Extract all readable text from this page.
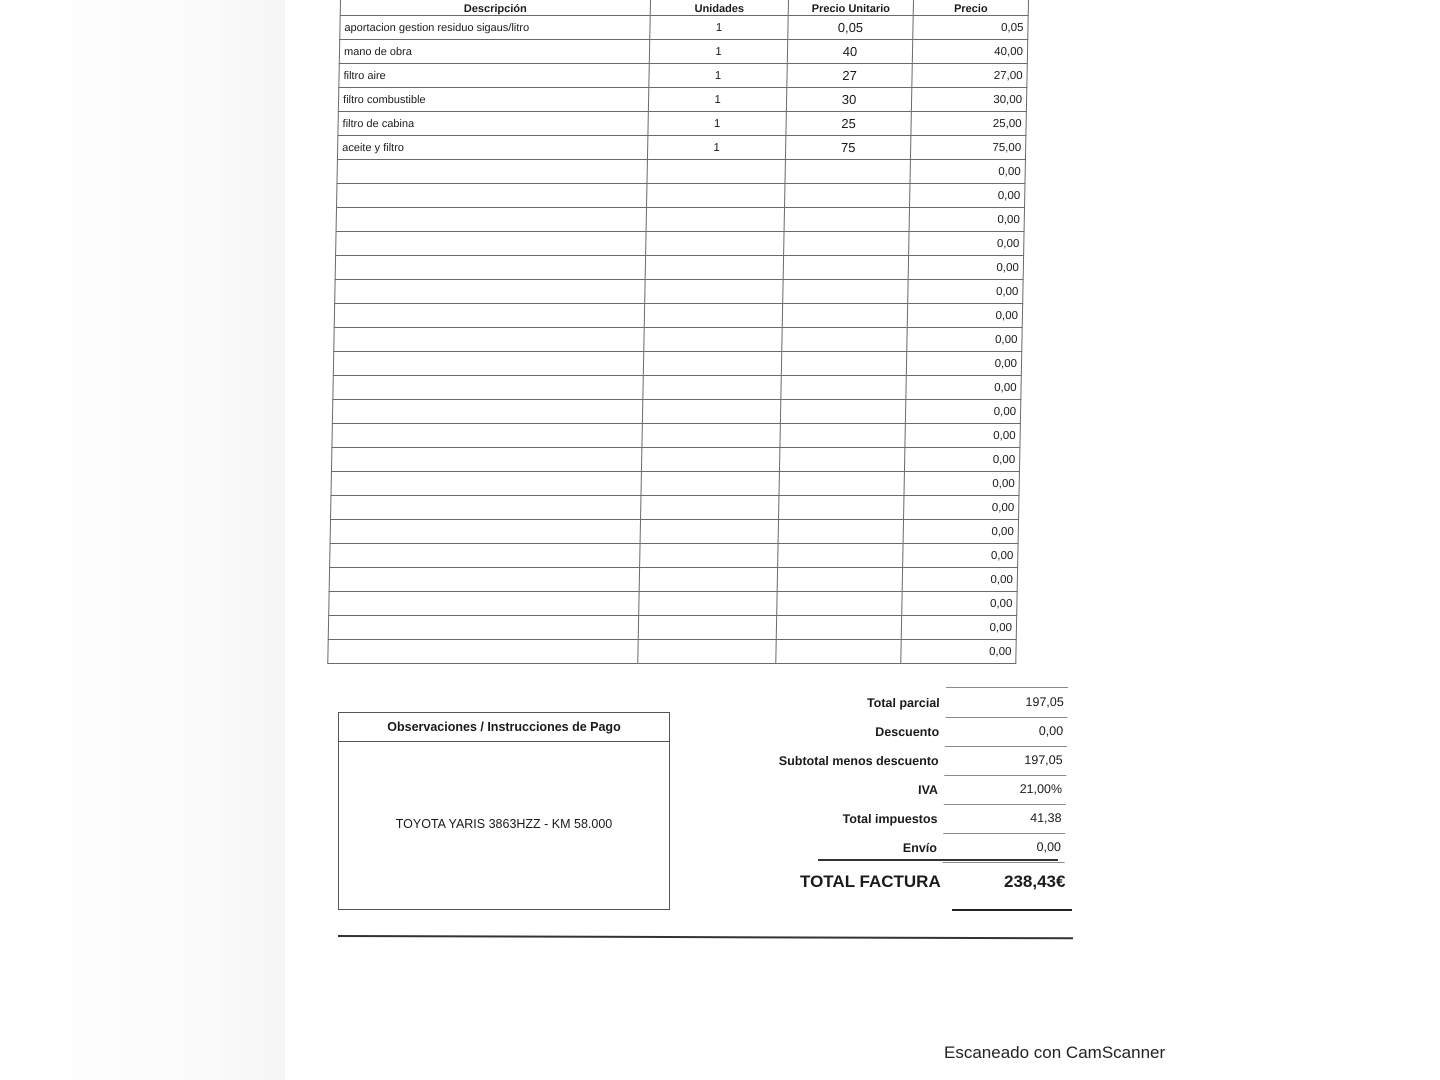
Descripción	Unidades	Precio Unitario	Precio
aportacion gestion residuo sigaus/litro	1	0,05	0,05
mano de obra	1	40	40,00
filtro aire	1	27	27,00
filtro combustible	1	30	30,00
filtro de cabina	1	25	25,00
aceite y filtro	1	75	75,00
			0,00
			0,00
			0,00
			0,00
			0,00
			0,00
			0,00
			0,00
			0,00
			0,00
			0,00
			0,00
			0,00
			0,00
			0,00
			0,00
			0,00
			0,00
			0,00
			0,00
			0,00
Total parcial	197,05
Descuento	0,00
Subtotal menos descuento	197,05
IVA	21,00%
Total impuestos	41,38
Envío	0,00
TOTAL FACTURA	238,43€
Observaciones / Instrucciones de Pago
TOYOTA YARIS 3863HZZ - KM 58.000
Escaneado con CamScanner
